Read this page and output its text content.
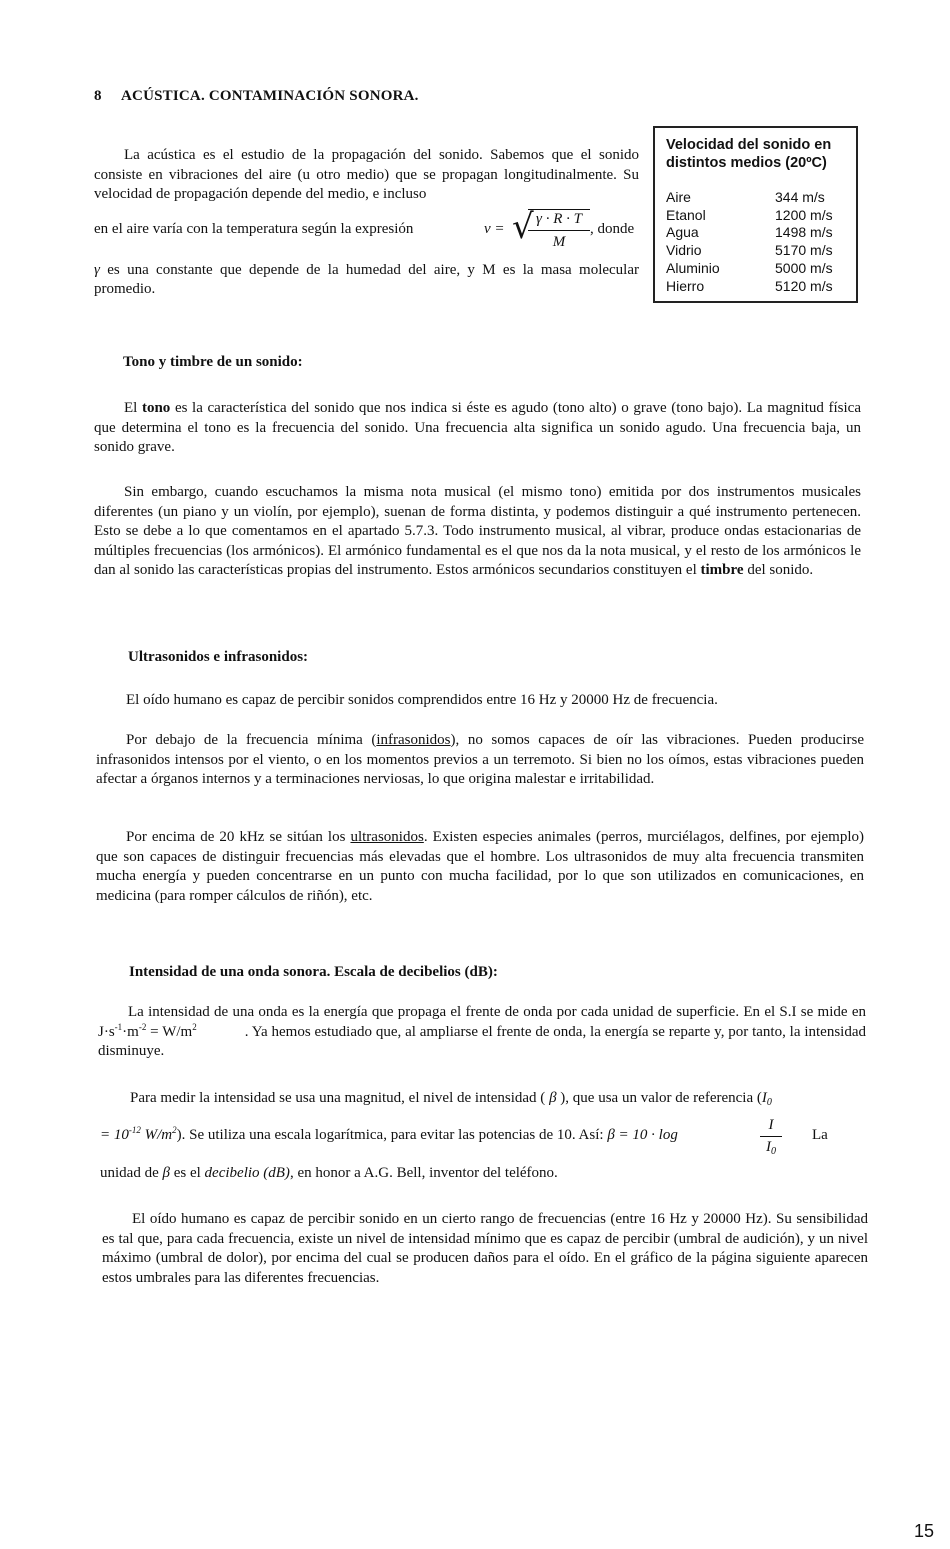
8 ACÚSTICA. CONTAMINACIÓN SONORA.

La acústica es el estudio de la propagación del sonido. Sabemos que el sonido consiste en vibraciones del aire (u otro medio) que se propagan longitudinalmente. Su velocidad de propagación depende del medio, e incluso

en el aire varía con la temperatura según la expresión	v = √ γ · R · T
M
, donde

γ es una constante que depende de la humedad del aire, y M es la masa molecular promedio.

Velocidad del sonido en distintos medios (20ºC)
Aire	344 m/s
Etanol	1200 m/s
Agua	1498 m/s
Vidrio	5170 m/s
Aluminio	5000 m/s
Hierro	5120 m/s
Tono y timbre de un sonido:

El tono es la característica del sonido que nos indica si éste es agudo (tono alto) o grave (tono bajo). La magnitud física que determina el tono es la frecuencia del sonido. Una frecuencia alta significa un sonido agudo. Una frecuencia baja, un sonido grave.

Sin embargo, cuando escuchamos la misma nota musical (el mismo tono) emitida por dos instrumentos musicales diferentes (un piano y un violín, por ejemplo), suenan de forma distinta, y podemos distinguir a qué instrumento pertenecen. Esto se debe a lo que comentamos en el apartado 5.7.3. Todo instrumento musical, al vibrar, produce ondas estacionarias de múltiples frecuencias (los armónicos). El armónico fundamental es el que nos da la nota musical, y el resto de los armónicos le dan al sonido las características propias del instrumento. Estos armónicos secundarios constituyen el timbre del sonido.

Ultrasonidos e infrasonidos:

El oído humano es capaz de percibir sonidos comprendidos entre 16 Hz y 20000 Hz de frecuencia.

Por debajo de la frecuencia mínima (infrasonidos), no somos capaces de oír las vibraciones. Pueden producirse infrasonidos intensos por el viento, o en los momentos previos a un terremoto. Si bien no los oímos, estas vibraciones pueden afectar a órganos internos y a terminaciones nerviosas, lo que origina malestar e irritabilidad.

Por encima de 20 kHz se sitúan los ultrasonidos. Existen especies animales (perros, murciélagos, delfines, por ejemplo) que son capaces de distinguir frecuencias más elevadas que el hombre. Los ultrasonidos de muy alta frecuencia transmiten mucha energía y pueden concentrarse en un punto con mucha facilidad, por lo que son utilizados en comunicaciones, en medicina (para romper cálculos de riñón), etc.

Intensidad de una onda sonora. Escala de decibelios (dB):

La intensidad de una onda es la energía que propaga el frente de onda por cada unidad de superficie. En el S.I se mide en $J\cdot s^{-1}\cdot m^{-2} = W/m^2$	. Ya hemos estudiado que, al ampliarse el frente de onda, la energía se reparte y, por tanto, la intensidad disminuye.

Para medir la intensidad se usa una magnitud, el nivel de intensidad ( β ), que usa un valor de referencia ($I_0$
= $10^{-12}$ $W/m^2$). Se utiliza una escala logarítmica, para evitar las potencias de 10. Así: β = 10 · log
I
$I_0$
La
unidad de β es el decibelio (dB), en honor a A.G. Bell, inventor del teléfono.

El oído humano es capaz de percibir sonido en un cierto rango de frecuencias (entre 16 Hz y 20000 Hz). Su sensibilidad es tal que, para cada frecuencia, existe un nivel de intensidad mínimo que es capaz de percibir (umbral de audición), y un nivel máximo (umbral de dolor), por encima del cual se producen daños para el oído. En el gráfico de la página siguiente aparecen estos umbrales para las diferentes frecuencias.

15
